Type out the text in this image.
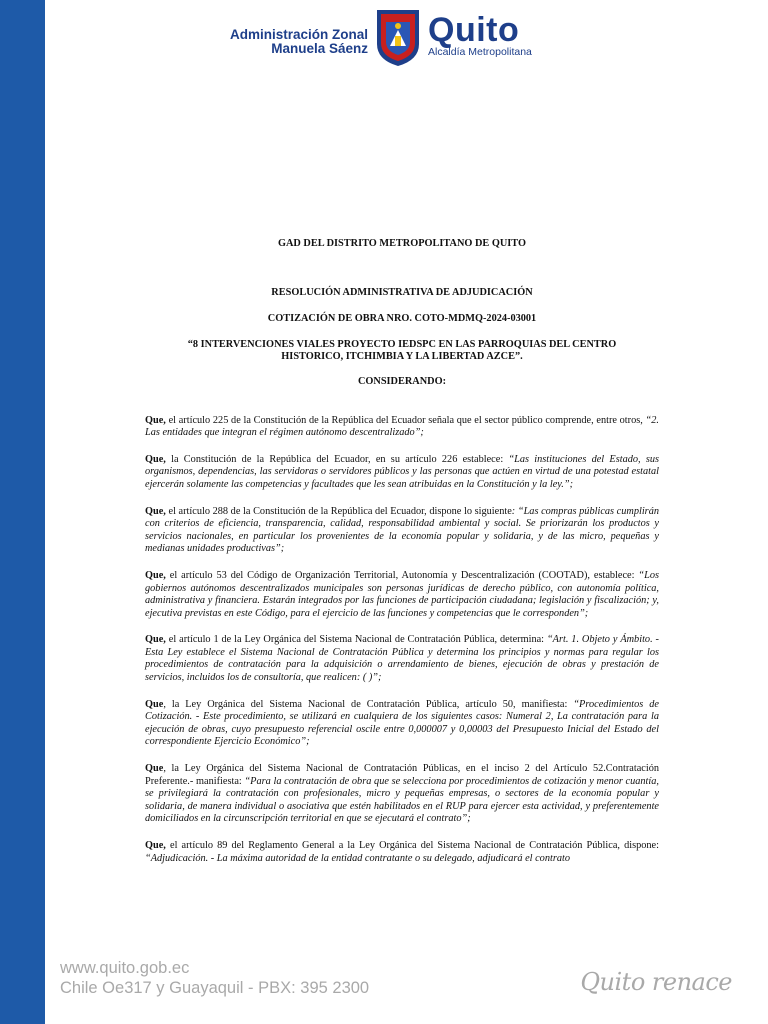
Administración Zonal
Manuela Sáenz Quito
Alcaldía Metropolitana
GAD DEL DISTRITO METROPOLITANO DE QUITO
RESOLUCIÓN ADMINISTRATIVA DE ADJUDICACIÓN
COTIZACIÓN DE OBRA NRO. COTO-MDMQ-2024-03001
“8 INTERVENCIONES VIALES PROYECTO IEDSPC EN LAS PARROQUIAS DEL CENTRO
HISTORICO, ITCHIMBIA Y LA LIBERTAD AZCE”.
CONSIDERANDO:

Que, el artículo 225 de la Constitución de la República del Ecuador señala que el sector público comprende, entre otros, “2. Las entidades que integran el régimen autónomo descentralizado”;

Que, la Constitución de la República del Ecuador, en su artículo 226 establece: “Las instituciones del Estado, sus organismos, dependencias, las servidoras o servidores públicos y las personas que actúen en virtud de una potestad estatal ejercerán solamente las competencias y facultades que les sean atribuidas en la Constitución y la ley.”;

Que, el artículo 288 de la Constitución de la República del Ecuador, dispone lo siguiente: “Las compras públicas cumplirán con criterios de eficiencia, transparencia, calidad, responsabilidad ambiental y social. Se priorizarán los productos y servicios nacionales, en particular los provenientes de la economía popular y solidaria, y de las micro, pequeñas y medianas unidades productivas”;

Que, el artículo 53 del Código de Organización Territorial, Autonomía y Descentralización (COOTAD), establece: “Los gobiernos autónomos descentralizados municipales son personas jurídicas de derecho público, con autonomía política, administrativa y financiera. Estarán integrados por las funciones de participación ciudadana; legislación y fiscalización; y, ejecutiva previstas en este Código, para el ejercicio de las funciones y competencias que le corresponden”;

Que, el artículo 1 de la Ley Orgánica del Sistema Nacional de Contratación Pública, determina: “Art. 1. Objeto y Ámbito. - Esta Ley establece el Sistema Nacional de Contratación Pública y determina los principios y normas para regular los procedimientos de contratación para la adquisición o arrendamiento de bienes, ejecución de obras y prestación de servicios, incluidos los de consultoría, que realicen: ( )”;

Que, la Ley Orgánica del Sistema Nacional de Contratación Pública, artículo 50, manifiesta: “Procedimientos de Cotización. - Este procedimiento, se utilizará en cualquiera de los siguientes casos: Numeral 2, La contratación para la ejecución de obras, cuyo presupuesto referencial oscile entre 0,000007 y 0,00003 del Presupuesto Inicial del Estado del correspondiente Ejercicio Económico”;

Que, la Ley Orgánica del Sistema Nacional de Contratación Públicas, en el inciso 2 del Artículo 52.Contratación Preferente.- manifiesta: “Para la contratación de obra que se selecciona por procedimientos de cotización y menor cuantía, se privilegiará la contratación con profesionales, micro y pequeñas empresas, o sectores de la economía popular y solidaria, de manera individual o asociativa que estén habilitados en el RUP para ejercer esta actividad, y preferentemente domiciliados en la circunscripción territorial en que se ejecutará el contrato”;

Que, el artículo 89 del Reglamento General a la Ley Orgánica del Sistema Nacional de Contratación Pública, dispone: “Adjudicación. - La máxima autoridad de la entidad contratante o su delegado, adjudicará el contrato

www.quito.gob.ec
Chile Oe317 y Guayaquil - PBX: 395 2300	Quito renace
